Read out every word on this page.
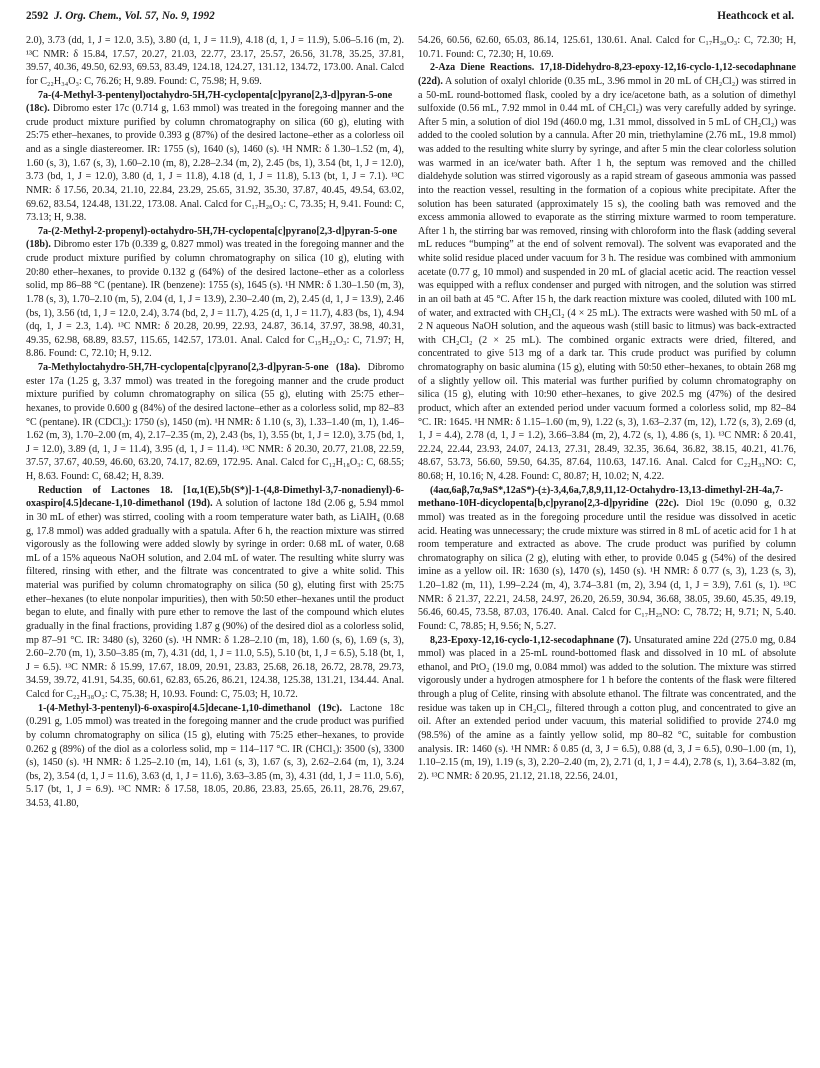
2592 J. Org. Chem., Vol. 57, No. 9, 1992	Heathcock et al.

2.0), 3.73 (dd, 1, J = 12.0, 3.5), 3.80 (d, 1, J = 11.9), 4.18 (d, 1, J = 11.9), 5.06–5.16 (m, 2). ¹³C NMR: δ 15.84, 17.57, 20.27, 21.03, 22.77, 23.17, 25.57, 26.56, 31.78, 35.25, 37.81, 39.57, 40.36, 49.50, 62.93, 69.53, 83.49, 124.18, 124.27, 131.12, 134.72, 173.00. Anal. Calcd for C₂₂H₃₄O₃: C, 76.26; H, 9.89. Found: C, 75.98; H, 9.69.

7a-(4-Methyl-3-pentenyl)octahydro-5H,7H-cyclopenta[c]pyrano[2,3-d]pyran-5-one (18c). Dibromo ester 17c (0.714 g, 1.63 mmol) was treated in the foregoing manner and the crude product mixture purified by column chromatography on silica (60 g), eluting with 25:75 ether–hexanes, to provide 0.393 g (87%) of the desired lactone–ether as a colorless oil and as a single diastereomer. IR: 1755 (s), 1640 (s), 1460 (s). ¹H NMR: δ 1.30–1.52 (m, 4), 1.60 (s, 3), 1.67 (s, 3), 1.60–2.10 (m, 8), 2.28–2.34 (m, 2), 2.45 (bs, 1), 3.54 (bt, 1, J = 12.0), 3.73 (bd, 1, J = 12.0), 3.80 (d, 1, J = 11.8), 4.18 (d, 1, J = 11.8), 5.13 (bt, 1, J = 7.1). ¹³C NMR: δ 17.56, 20.34, 21.10, 22.84, 23.29, 25.65, 31.92, 35.30, 37.87, 40.45, 49.54, 63.02, 69.62, 83.54, 124.48, 131.22, 173.08. Anal. Calcd for C₁₇H₂₆O₃: C, 73.35; H, 9.41. Found: C, 73.13; H, 9.38.

7a-(2-Methyl-2-propenyl)-octahydro-5H,7H-cyclopenta[c]pyrano[2,3-d]pyran-5-one (18b). Dibromo ester 17b (0.339 g, 0.827 mmol) was treated in the foregoing manner and the crude product mixture purified by column chromatography on silica (10 g), eluting with 20:80 ether–hexanes, to provide 0.132 g (64%) of the desired lactone–ether as a colorless solid, mp 86–88 °C (pentane). IR (benzene): 1755 (s), 1645 (s). ¹H NMR: δ 1.30–1.50 (m, 3), 1.78 (s, 3), 1.70–2.10 (m, 5), 2.04 (d, 1, J = 13.9), 2.30–2.40 (m, 2), 2.45 (d, 1, J = 13.9), 2.46 (bs, 1), 3.56 (td, 1, J = 12.0, 2.4), 3.74 (bd, 2, J = 11.7), 4.25 (d, 1, J = 11.7), 4.83 (bs, 1), 4.94 (dq, 1, J = 2.3, 1.4). ¹³C NMR: δ 20.28, 20.99, 22.93, 24.87, 36.14, 37.97, 38.98, 40.31, 49.35, 62.98, 68.89, 83.57, 115.65, 142.57, 173.01. Anal. Calcd for C₁₅H₂₂O₃: C, 71.97; H, 8.86. Found: C, 72.10; H, 9.12.

7a-Methyloctahydro-5H,7H-cyclopenta[c]pyrano[2,3-d]pyran-5-one (18a). Dibromo ester 17a (1.25 g, 3.37 mmol) was treated in the foregoing manner and the crude product mixture purified by column chromatography on silica (55 g), eluting with 25:75 ether–hexanes, to provide 0.600 g (84%) of the desired lactone–ether as a colorless solid, mp 82–83 °C (pentane). IR (CDCl₃): 1750 (s), 1450 (m). ¹H NMR: δ 1.10 (s, 3), 1.33–1.40 (m, 1), 1.46–1.62 (m, 3), 1.70–2.00 (m, 4), 2.17–2.35 (m, 2), 2.43 (bs, 1), 3.55 (bt, 1, J = 12.0), 3.75 (bd, 1, J = 12.0), 3.89 (d, 1, J = 11.4), 3.95 (d, 1, J = 11.4). ¹³C NMR: δ 20.30, 20.77, 21.08, 22.59, 37.57, 37.67, 40.59, 46.60, 63.20, 74.17, 82.69, 172.95. Anal. Calcd for C₁₂H₁₈O₃: C, 68.55; H, 8.63. Found: C, 68.42; H, 8.39.

Reduction of Lactones 18. [1α,1(E),5b(S*)]-1-(4,8-Dimethyl-3,7-nonadienyl)-6-oxaspiro[4.5]decane-1,10-dimethanol (19d). A solution of lactone 18d (2.06 g, 5.94 mmol in 30 mL of ether) was stirred, cooling with a room temperature water bath, as LiAlH₄ (0.68 g, 17.8 mmol) was added gradually with a spatula. After 6 h, the reaction mixture was stirred vigorously as the following were added slowly by syringe in order: 0.68 mL of water, 0.68 mL of a 15% aqueous NaOH solution, and 2.04 mL of water. The resulting white slurry was filtered, rinsing with ether, and the filtrate was concentrated to give a white solid. This material was purified by column chromatography on silica (50 g), eluting first with 25:75 ether–hexanes (to elute nonpolar impurities), then with 50:50 ether–hexanes until the product began to elute, and finally with pure ether to remove the last of the compound which elutes gradually in the final fractions, providing 1.87 g (90%) of the desired diol as a colorless solid, mp 87–91 °C. IR: 3480 (s), 3260 (s). ¹H NMR: δ 1.28–2.10 (m, 18), 1.60 (s, 6), 1.69 (s, 3), 2.60–2.70 (m, 1), 3.50–3.85 (m, 7), 4.31 (dd, 1, J = 11.0, 5.5), 5.10 (bt, 1, J = 6.5), 5.18 (bt, 1, J = 6.5). ¹³C NMR: δ 15.99, 17.67, 18.09, 20.91, 23.83, 25.68, 26.18, 26.72, 28.78, 29.73, 34.59, 39.72, 41.91, 54.35, 60.61, 62.83, 65.26, 86.21, 124.38, 125.38, 131.21, 134.44. Anal. Calcd for C₂₂H₃₈O₃: C, 75.38; H, 10.93. Found: C, 75.03; H, 10.72.

1-(4-Methyl-3-pentenyl)-6-oxaspiro[4.5]decane-1,10-dimethanol (19c). Lactone 18c (0.291 g, 1.05 mmol) was treated in the foregoing manner and the crude product was purified by column chromatography on silica (15 g), eluting with 75:25 ether–hexanes, to provide 0.262 g (89%) of the diol as a colorless solid, mp = 114–117 °C. IR (CHCl₃): 3500 (s), 3300 (s), 1450 (s). ¹H NMR: δ 1.25–2.10 (m, 14), 1.61 (s, 3), 1.67 (s, 3), 2.62–2.64 (m, 1), 3.24 (bs, 2), 3.54 (d, 1, J = 11.6), 3.63 (d, 1, J = 11.6), 3.63–3.85 (m, 3), 4.31 (dd, 1, J = 11.0, 5.6), 5.17 (bt, 1, J = 6.9). ¹³C NMR: δ 17.58, 18.05, 20.86, 23.83, 25.65, 26.11, 28.76, 29.67, 34.53, 41.80,

54.26, 60.56, 62.60, 65.03, 86.14, 125.61, 130.61. Anal. Calcd for C₁₇H₃₀O₃: C, 72.30; H, 10.71. Found: C, 72.30; H, 10.69.

2-Aza Diene Reactions. 17,18-Didehydro-8,23-epoxy-12,16-cyclo-1,12-secodaphnane (22d). A solution of oxalyl chloride (0.35 mL, 3.96 mmol in 20 mL of CH₂Cl₂) was stirred in a 50-mL round-bottomed flask, cooled by a dry ice/acetone bath, as a solution of dimethyl sulfoxide (0.56 mL, 7.92 mmol in 0.44 mL of CH₂Cl₂) was very carefully added by syringe. After 5 min, a solution of diol 19d (460.0 mg, 1.31 mmol, dissolved in 5 mL of CH₂Cl₂) was added to the cooled solution by a cannula. After 20 min, triethylamine (2.76 mL, 19.8 mmol) was added to the resulting white slurry by syringe, and after 5 min the clear colorless solution was warmed in an ice/water bath. After 1 h, the septum was removed and the chilled dialdehyde solution was stirred vigorously as a rapid stream of gaseous ammonia was passed into the reaction vessel, resulting in the formation of a copious white precipitate. After the solution has been saturated (approximately 15 s), the cooling bath was removed and the excess ammonia allowed to evaporate as the stirring mixture warmed to room temperature. After 1 h, the stirring bar was removed, rinsing with chloroform into the flask (adding several mL reduces “bumping” at the end of solvent removal). The solvent was evaporated and the white solid residue placed under vacuum for 3 h. The residue was combined with ammonium acetate (0.77 g, 10 mmol) and suspended in 20 mL of glacial acetic acid. The reaction vessel was equipped with a reflux condenser and purged with nitrogen, and the solution was stirred in an oil bath at 45 °C. After 15 h, the dark reaction mixture was cooled, diluted with 100 mL of water, and extracted with CH₂Cl₂ (4 × 25 mL). The extracts were washed with 50 mL of a 2 N aqueous NaOH solution, and the aqueous wash (still basic to litmus) was back-extracted with CH₂Cl₂ (2 × 25 mL). The combined organic extracts were dried, filtered, and concentrated to give 513 mg of a dark tar. This crude product was purified by column chromatography on basic alumina (15 g), eluting with 50:50 ether–hexanes, to obtain 268 mg of a slightly yellow oil. This material was further purified by column chromatography on silica (15 g), eluting with 10:90 ether–hexanes, to give 202.5 mg (47%) of the desired product, which after an extended period under vacuum formed a colorless solid, mp 82–84 °C. IR: 1645. ¹H NMR: δ 1.15–1.60 (m, 9), 1.22 (s, 3), 1.63–2.37 (m, 12), 1.72 (s, 3), 2.69 (d, 1, J = 4.4), 2.78 (d, 1, J = 1.2), 3.66–3.84 (m, 2), 4.72 (s, 1), 4.86 (s, 1). ¹³C NMR: δ 20.41, 22.24, 22.44, 23.93, 24.07, 24.13, 27.31, 28.49, 32.35, 36.64, 36.82, 38.15, 40.21, 41.76, 48.67, 53.73, 56.60, 59.50, 64.35, 87.64, 110.63, 147.16. Anal. Calcd for C₂₂H₃₃NO: C, 80.68; H, 10.16; N, 4.28. Found: C, 80.87; H, 10.02; N, 4.22.

(4aα,6aβ,7α,9aS*,12aS*)-(±)-3,4,6a,7,8,9,11,12-Octahydro-13,13-dimethyl-2H-4a,7-methano-10H-dicyclopenta[b,c]pyrano[2,3-d]pyridine (22c). Diol 19c (0.090 g, 0.32 mmol) was treated as in the foregoing procedure until the residue was dissolved in acetic acid. Heating was unnecessary; the crude mixture was stirred in 8 mL of acetic acid for 1 h at room temperature and extracted as above. The crude product was purified by column chromatography on silica (2 g), eluting with ether, to provide 0.045 g (54%) of the desired imine as a yellow oil. IR: 1630 (s), 1470 (s), 1450 (s). ¹H NMR: δ 0.77 (s, 3), 1.23 (s, 3), 1.20–1.82 (m, 11), 1.99–2.24 (m, 4), 3.74–3.81 (m, 2), 3.94 (d, 1, J = 3.9), 7.61 (s, 1). ¹³C NMR: δ 21.37, 22.21, 24.58, 24.97, 26.20, 26.59, 30.94, 36.68, 38.05, 39.60, 45.35, 49.19, 56.46, 60.45, 73.58, 87.03, 176.40. Anal. Calcd for C₁₇H₂₅NO: C, 78.72; H, 9.71; N, 5.40. Found: C, 78.85; H, 9.56; N, 5.27.

8,23-Epoxy-12,16-cyclo-1,12-secodaphnane (7). Unsaturated amine 22d (275.0 mg, 0.84 mmol) was placed in a 25-mL round-bottomed flask and dissolved in 10 mL of absolute ethanol, and PtO₂ (19.0 mg, 0.084 mmol) was added to the solution. The mixture was stirred vigorously under a hydrogen atmosphere for 1 h before the contents of the flask were filtered through a plug of Celite, rinsing with absolute ethanol. The filtrate was concentrated, and the residue was taken up in CH₂Cl₂, filtered through a cotton plug, and concentrated to give an oil. After an extended period under vacuum, this material solidified to provide 274.0 mg (98.5%) of the amine as a faintly yellow solid, mp 80–82 °C, suitable for combustion analysis. IR: 1460 (s). ¹H NMR: δ 0.85 (d, 3, J = 6.5), 0.88 (d, 3, J = 6.5), 0.90–1.00 (m, 1), 1.10–2.15 (m, 19), 1.19 (s, 3), 2.20–2.40 (m, 2), 2.71 (d, 1, J = 4.4), 2.78 (s, 1), 3.64–3.82 (m, 2). ¹³C NMR: δ 20.95, 21.12, 21.18, 22.56, 24.01,
